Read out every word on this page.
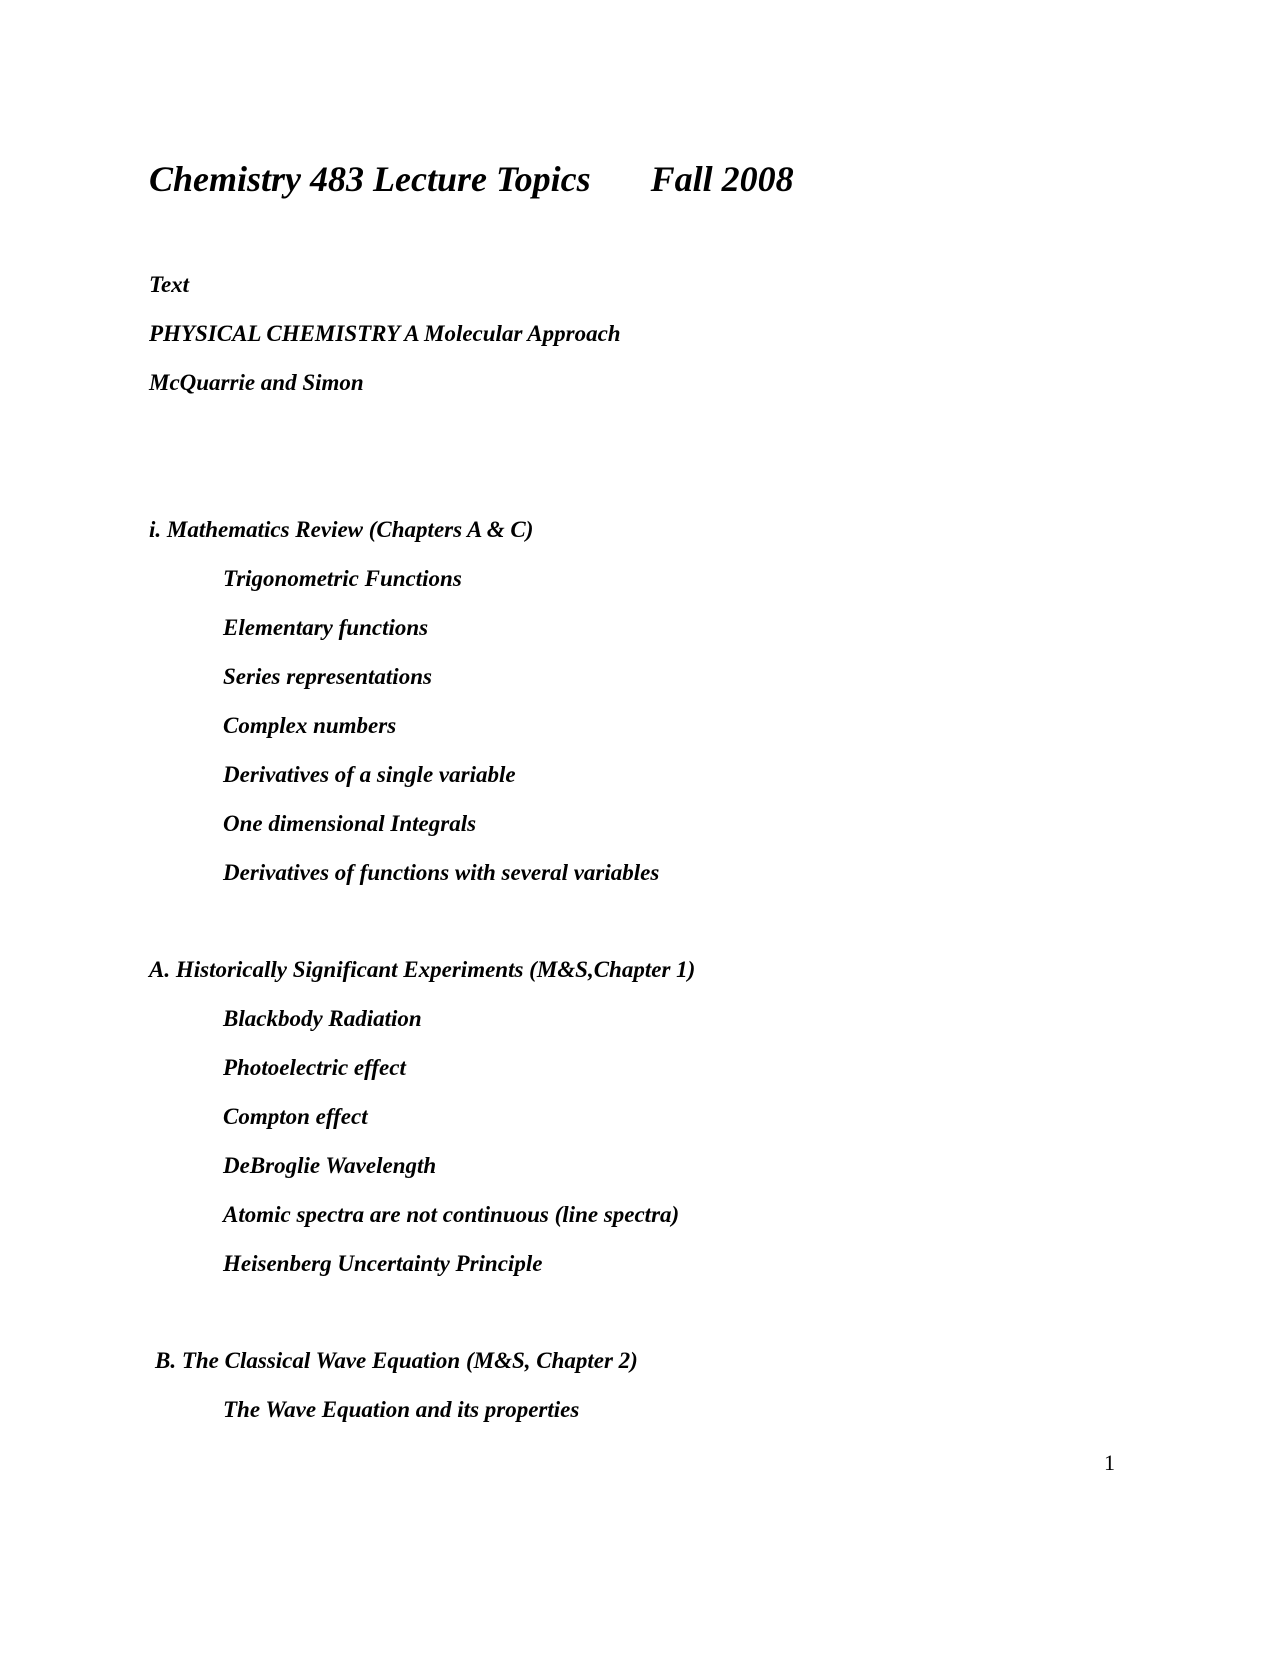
Chemistry 483 Lecture Topics Fall 2008
Text
PHYSICAL CHEMISTRY A Molecular Approach
McQuarrie and Simon
i. Mathematics Review (Chapters A & C)
Trigonometric Functions
Elementary functions
Series representations
Complex numbers
Derivatives of a single variable
One dimensional Integrals
Derivatives of functions with several variables
A. Historically Significant Experiments (M&S,Chapter 1)
Blackbody Radiation
Photoelectric effect
Compton effect
DeBroglie Wavelength
Atomic spectra are not continuous (line spectra)
Heisenberg Uncertainty Principle
B. The Classical Wave Equation (M&S, Chapter 2)
The Wave Equation and its properties
1
